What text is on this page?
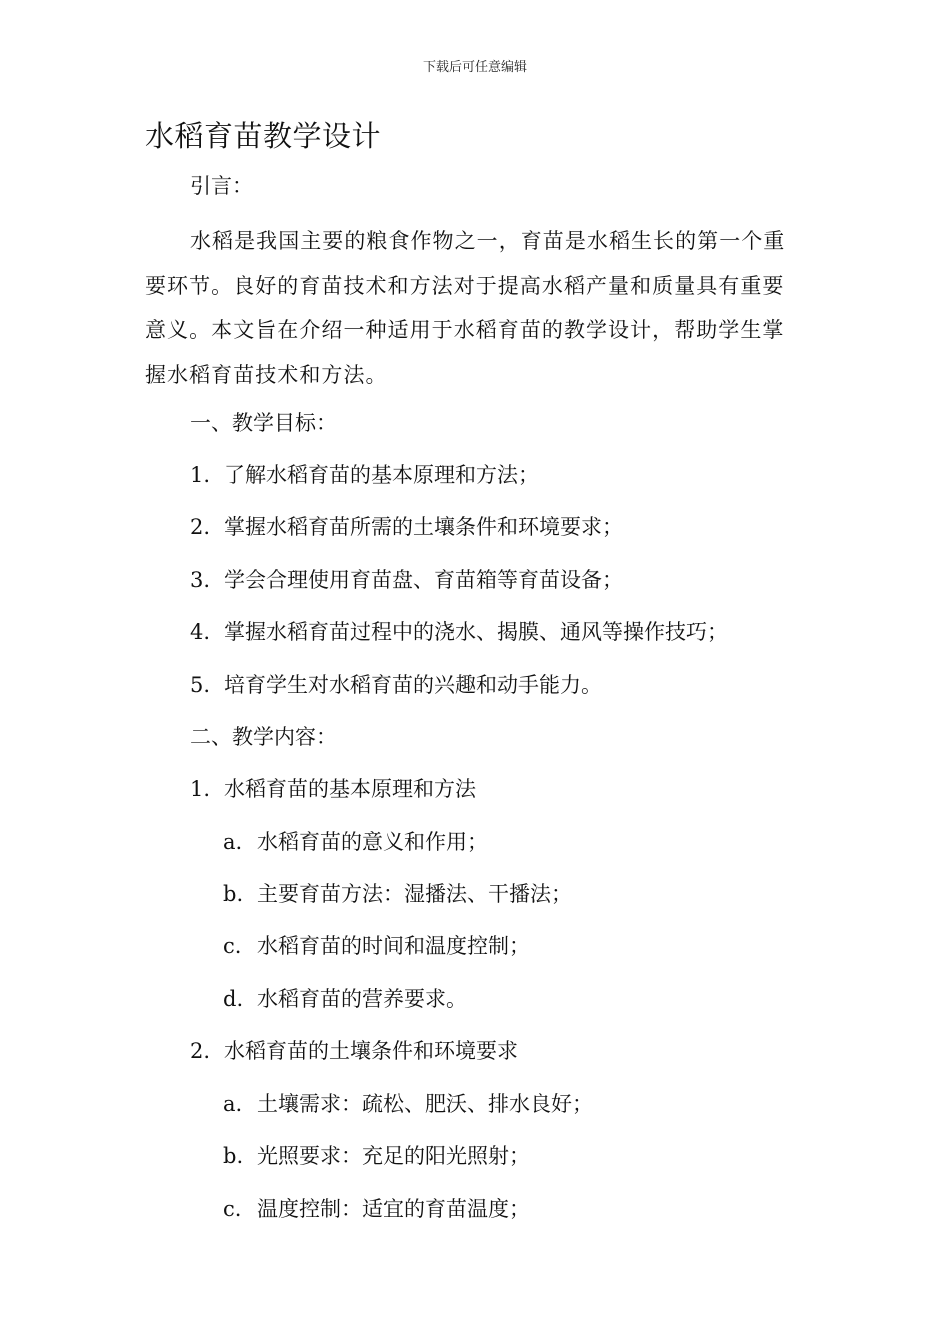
下载后可任意编辑
水稻育苗教学设计

引言：

水稻是我国主要的粮食作物之一，育苗是水稻生长的第一个重要环节。良好的育苗技术和方法对于提高水稻产量和质量具有重要意义。本文旨在介绍一种适用于水稻育苗的教学设计，帮助学生掌握水稻育苗技术和方法。

一、教学目标：
1. 了解水稻育苗的基本原理和方法；
2. 掌握水稻育苗所需的土壤条件和环境要求；
3. 学会合理使用育苗盘、育苗箱等育苗设备；
4. 掌握水稻育苗过程中的浇水、揭膜、通风等操作技巧；
5. 培育学生对水稻育苗的兴趣和动手能力。
二、教学内容：
1. 水稻育苗的基本原理和方法
a. 水稻育苗的意义和作用；
b. 主要育苗方法：湿播法、干播法；
c. 水稻育苗的时间和温度控制；
d. 水稻育苗的营养要求。
2. 水稻育苗的土壤条件和环境要求
a. 土壤需求：疏松、肥沃、排水良好；
b. 光照要求：充足的阳光照射；
c. 温度控制：适宜的育苗温度；
